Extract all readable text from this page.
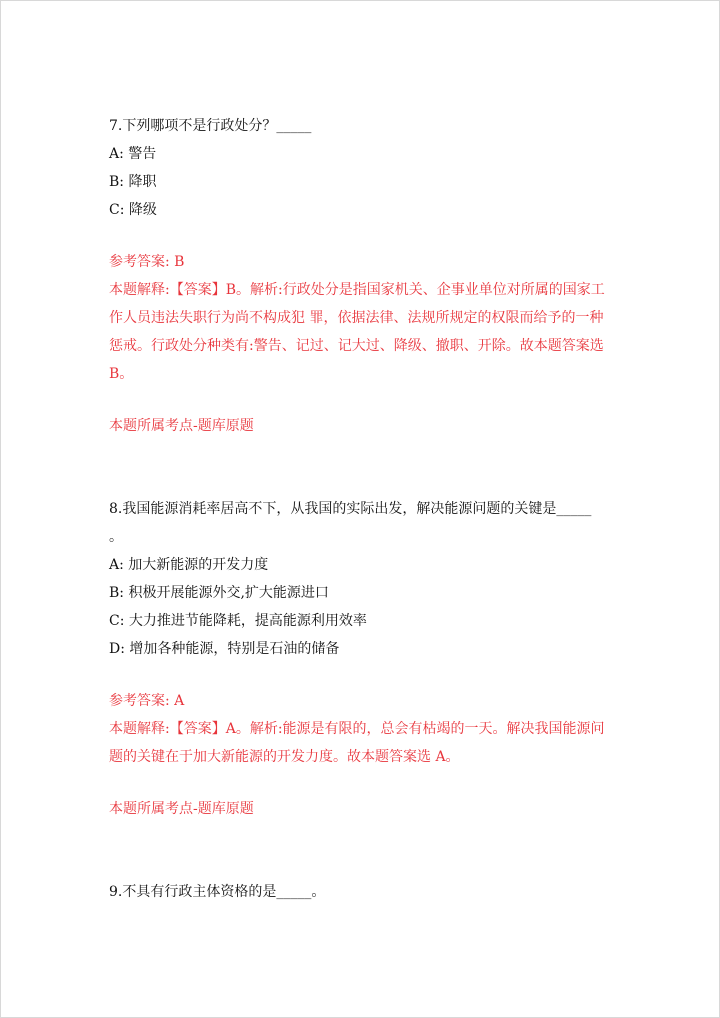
7.下列哪项不是行政处分？_____
A: 警告
B: 降职
C: 降级
参考答案: B
本题解释:【答案】B。解析:行政处分是指国家机关、企事业单位对所属的国家工作人员违法失职行为尚不构成犯 罪，依据法律、法规所规定的权限而给予的一种惩戒。行政处分种类有:警告、记过、记大过、降级、撤职、开除。故本题答案选 B。
本题所属考点-题库原题
8.我国能源消耗率居高不下，从我国的实际出发，解决能源问题的关键是_____
。
A: 加大新能源的开发力度
B: 积极开展能源外交,扩大能源进口
C: 大力推进节能降耗，提高能源利用效率
D: 增加各种能源，特别是石油的储备
参考答案: A
本题解释:【答案】A。解析:能源是有限的，总会有枯竭的一天。解决我国能源问题的关键在于加大新能源的开发力度。故本题答案选 A。
本题所属考点-题库原题
9.不具有行政主体资格的是_____。
